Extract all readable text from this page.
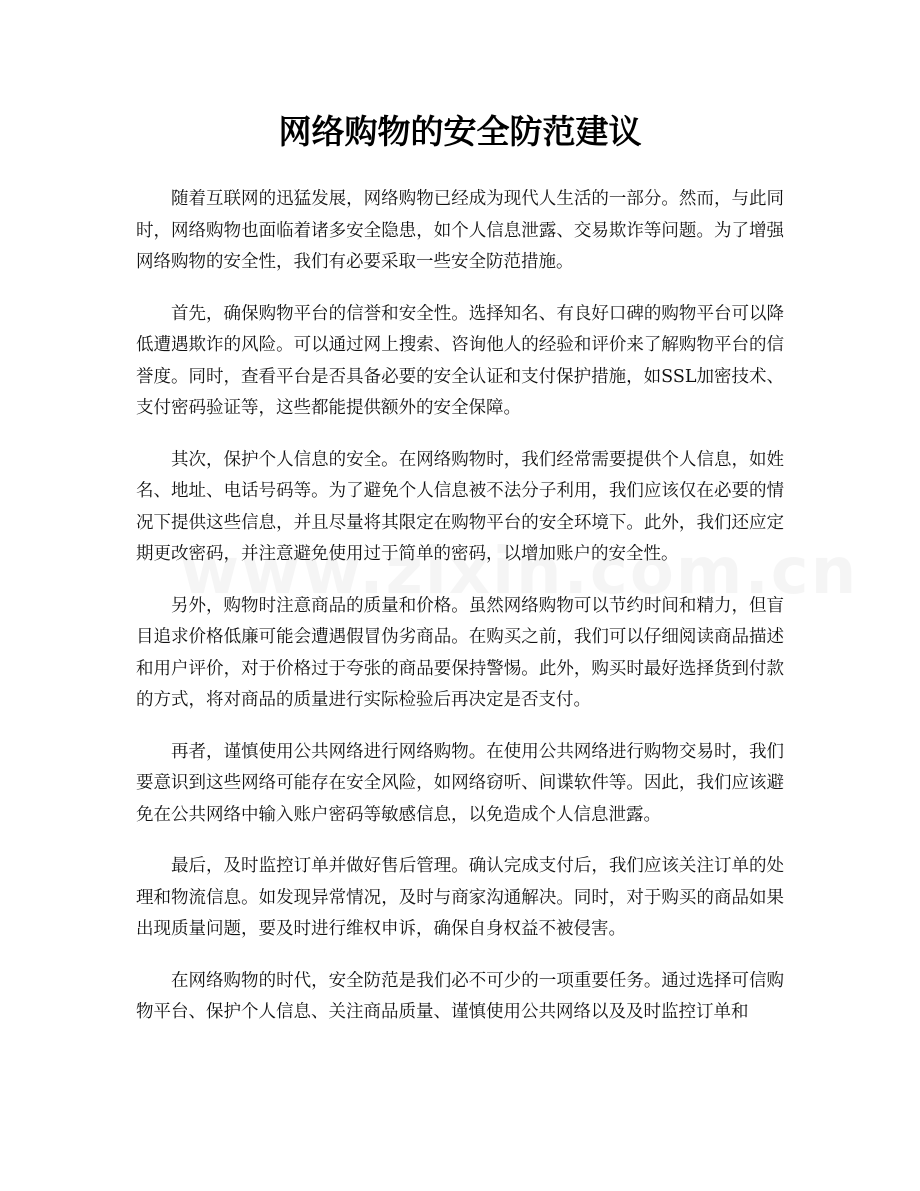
网络购物的安全防范建议

随着互联网的迅猛发展，网络购物已经成为现代人生活的一部分。然而，与此同时，网络购物也面临着诸多安全隐患，如个人信息泄露、交易欺诈等问题。为了增强网络购物的安全性，我们有必要采取一些安全防范措施。

首先，确保购物平台的信誉和安全性。选择知名、有良好口碑的购物平台可以降低遭遇欺诈的风险。可以通过网上搜索、咨询他人的经验和评价来了解购物平台的信誉度。同时，查看平台是否具备必要的安全认证和支付保护措施，如SSL加密技术、支付密码验证等，这些都能提供额外的安全保障。

其次，保护个人信息的安全。在网络购物时，我们经常需要提供个人信息，如姓名、地址、电话号码等。为了避免个人信息被不法分子利用，我们应该仅在必要的情况下提供这些信息，并且尽量将其限定在购物平台的安全环境下。此外，我们还应定期更改密码，并注意避免使用过于简单的密码，以增加账户的安全性。

另外，购物时注意商品的质量和价格。虽然网络购物可以节约时间和精力，但盲目追求价格低廉可能会遭遇假冒伪劣商品。在购买之前，我们可以仔细阅读商品描述和用户评价，对于价格过于夸张的商品要保持警惕。此外，购买时最好选择货到付款的方式，将对商品的质量进行实际检验后再决定是否支付。

再者，谨慎使用公共网络进行网络购物。在使用公共网络进行购物交易时，我们要意识到这些网络可能存在安全风险，如网络窃听、间谍软件等。因此，我们应该避免在公共网络中输入账户密码等敏感信息，以免造成个人信息泄露。

最后，及时监控订单并做好售后管理。确认完成支付后，我们应该关注订单的处理和物流信息。如发现异常情况，及时与商家沟通解决。同时，对于购买的商品如果出现质量问题，要及时进行维权申诉，确保自身权益不被侵害。

在网络购物的时代，安全防范是我们必不可少的一项重要任务。通过选择可信购物平台、保护个人信息、关注商品质量、谨慎使用公共网络以及及时监控订单和
